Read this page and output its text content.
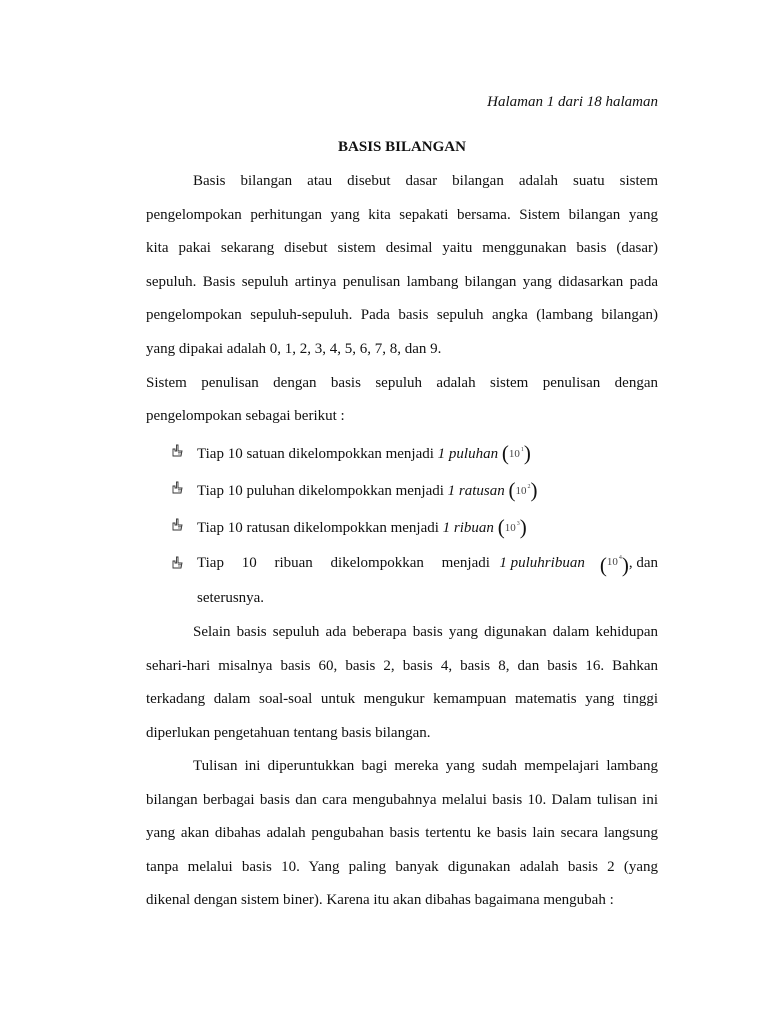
Halaman 1 dari 18 halaman
BASIS BILANGAN
Basis bilangan atau disebut dasar bilangan adalah suatu sistem
pengelompokan perhitungan yang kita sepakati bersama. Sistem bilangan yang
kita pakai sekarang disebut sistem desimal yaitu menggunakan basis (dasar)
sepuluh. Basis sepuluh artinya penulisan lambang bilangan yang didasarkan pada
pengelompokan sepuluh-sepuluh. Pada basis sepuluh angka (lambang bilangan)
yang dipakai adalah 0, 1, 2, 3, 4, 5, 6, 7, 8, dan 9.
Sistem penulisan dengan basis sepuluh adalah sistem penulisan dengan
pengelompokan sebagai berikut :
Tiap 10 satuan dikelompokkan menjadi 1 puluhan $(10^1)$
Tiap 10 puluhan dikelompokkan menjadi 1 ratusan $(10^2)$
Tiap 10 ratusan dikelompokkan menjadi 1 ribuan $(10^3)$
Tiap 10 ribuan dikelompokkan menjadi 1 puluhribuan
( $10^4$ ) , dan
seterusnya.
Selain basis sepuluh ada beberapa basis yang digunakan dalam kehidupan
sehari-hari misalnya basis 60, basis 2, basis 4, basis 8, dan basis 16. Bahkan
terkadang dalam soal-soal untuk mengukur kemampuan matematis yang tinggi
diperlukan pengetahuan tentang basis bilangan.
Tulisan ini diperuntukkan bagi mereka yang sudah mempelajari lambang
bilangan berbagai basis dan cara mengubahnya melalui basis 10. Dalam tulisan ini
yang akan dibahas adalah pengubahan basis tertentu ke basis lain secara langsung
tanpa melalui basis 10. Yang paling banyak digunakan adalah basis 2 (yang
dikenal dengan sistem biner). Karena itu akan dibahas bagaimana mengubah :
